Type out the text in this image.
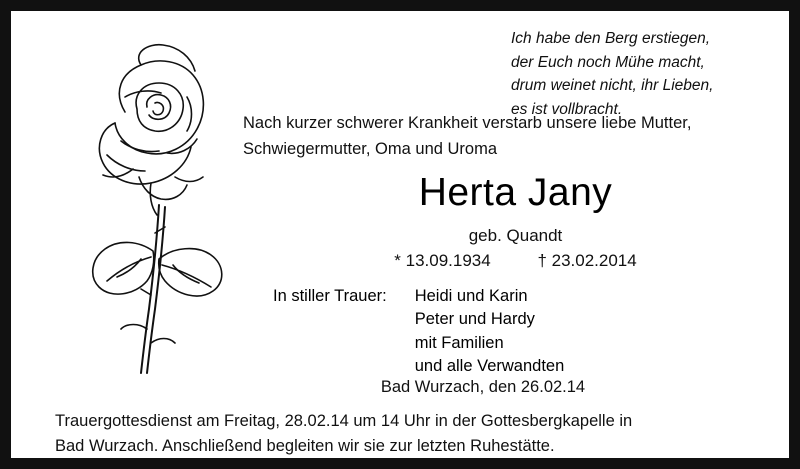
Ich habe den Berg erstiegen,
der Euch noch Mühe macht,
drum weinet nicht, ihr Lieben,
es ist vollbracht.
Nach kurzer schwerer Krankheit verstarb unsere liebe Mutter,
Schwiegermutter, Oma und Uroma
Herta Jany
geb. Quandt
* 13.09.1934	† 23.02.2014
In stiller Trauer:	Heidi und Karin
Peter und Hardy
mit Familien
und alle Verwandten
Bad Wurzach, den 26.02.14
Trauergottesdienst am Freitag, 28.02.14 um 14 Uhr in der Gottesbergkapelle in
Bad Wurzach. Anschließend begleiten wir sie zur letzten Ruhestätte.
